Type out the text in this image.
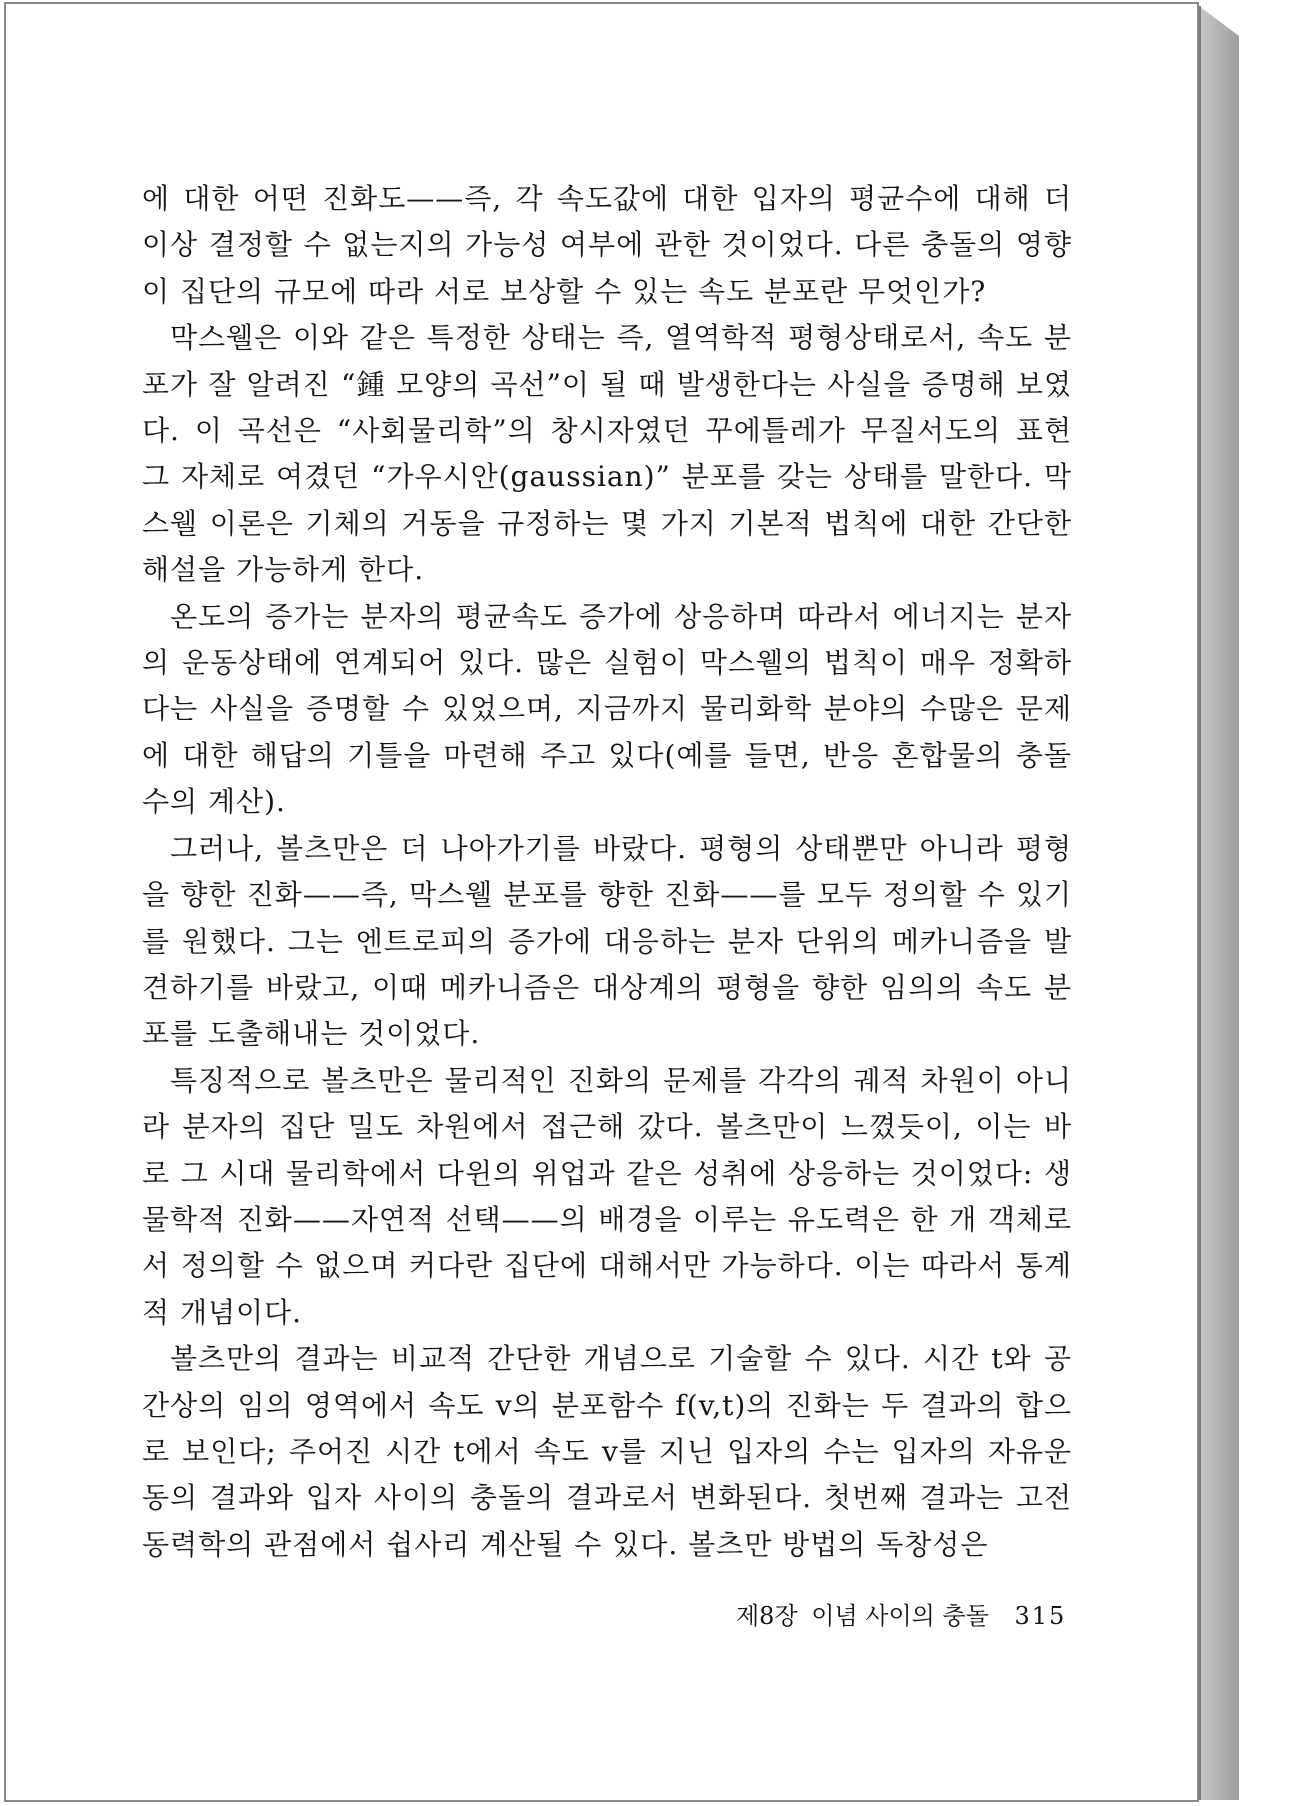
에 대한 어떤 진화도——즉, 각 속도값에 대한 입자의 평균수에 대해 더 이상 결정할 수 없는지의 가능성 여부에 관한 것이었다. 다른 충돌의 영향이 집단의 규모에 따라 서로 보상할 수 있는 속도 분포란 무엇인가?

막스웰은 이와 같은 특정한 상태는 즉, 열역학적 평형상태로서, 속도 분포가 잘 알려진 “鍾 모양의 곡선”이 될 때 발생한다는 사실을 증명해 보였다. 이 곡선은 “사회물리학”의 창시자였던 꾸에틀레가 무질서도의 표현 그 자체로 여겼던 “가우시안(gaussian)” 분포를 갖는 상태를 말한다. 막스웰 이론은 기체의 거동을 규정하는 몇 가지 기본적 법칙에 대한 간단한 해설을 가능하게 한다.

온도의 증가는 분자의 평균속도 증가에 상응하며 따라서 에너지는 분자의 운동상태에 연계되어 있다. 많은 실험이 막스웰의 법칙이 매우 정확하다는 사실을 증명할 수 있었으며, 지금까지 물리화학 분야의 수많은 문제에 대한 해답의 기틀을 마련해 주고 있다(예를 들면, 반응 혼합물의 충돌수의 계산).

그러나, 볼츠만은 더 나아가기를 바랐다. 평형의 상태뿐만 아니라 평형을 향한 진화——즉, 막스웰 분포를 향한 진화——를 모두 정의할 수 있기를 원했다. 그는 엔트로피의 증가에 대응하는 분자 단위의 메카니즘을 발견하기를 바랐고, 이때 메카니즘은 대상계의 평형을 향한 임의의 속도 분포를 도출해내는 것이었다.

특징적으로 볼츠만은 물리적인 진화의 문제를 각각의 궤적 차원이 아니라 분자의 집단 밀도 차원에서 접근해 갔다. 볼츠만이 느꼈듯이, 이는 바로 그 시대 물리학에서 다윈의 위업과 같은 성취에 상응하는 것이었다: 생물학적 진화——자연적 선택——의 배경을 이루는 유도력은 한 개 객체로서 정의할 수 없으며 커다란 집단에 대해서만 가능하다. 이는 따라서 통계적 개념이다.

볼츠만의 결과는 비교적 간단한 개념으로 기술할 수 있다. 시간 t와 공간상의 임의 영역에서 속도 v의 분포함수 f(v,t)의 진화는 두 결과의 합으로 보인다; 주어진 시간 t에서 속도 v를 지닌 입자의 수는 입자의 자유운동의 결과와 입자 사이의 충돌의 결과로서 변화된다. 첫번째 결과는 고전 동력학의 관점에서 쉽사리 계산될 수 있다. 볼츠만 방법의 독창성은

제8장 이념 사이의 충돌 315
